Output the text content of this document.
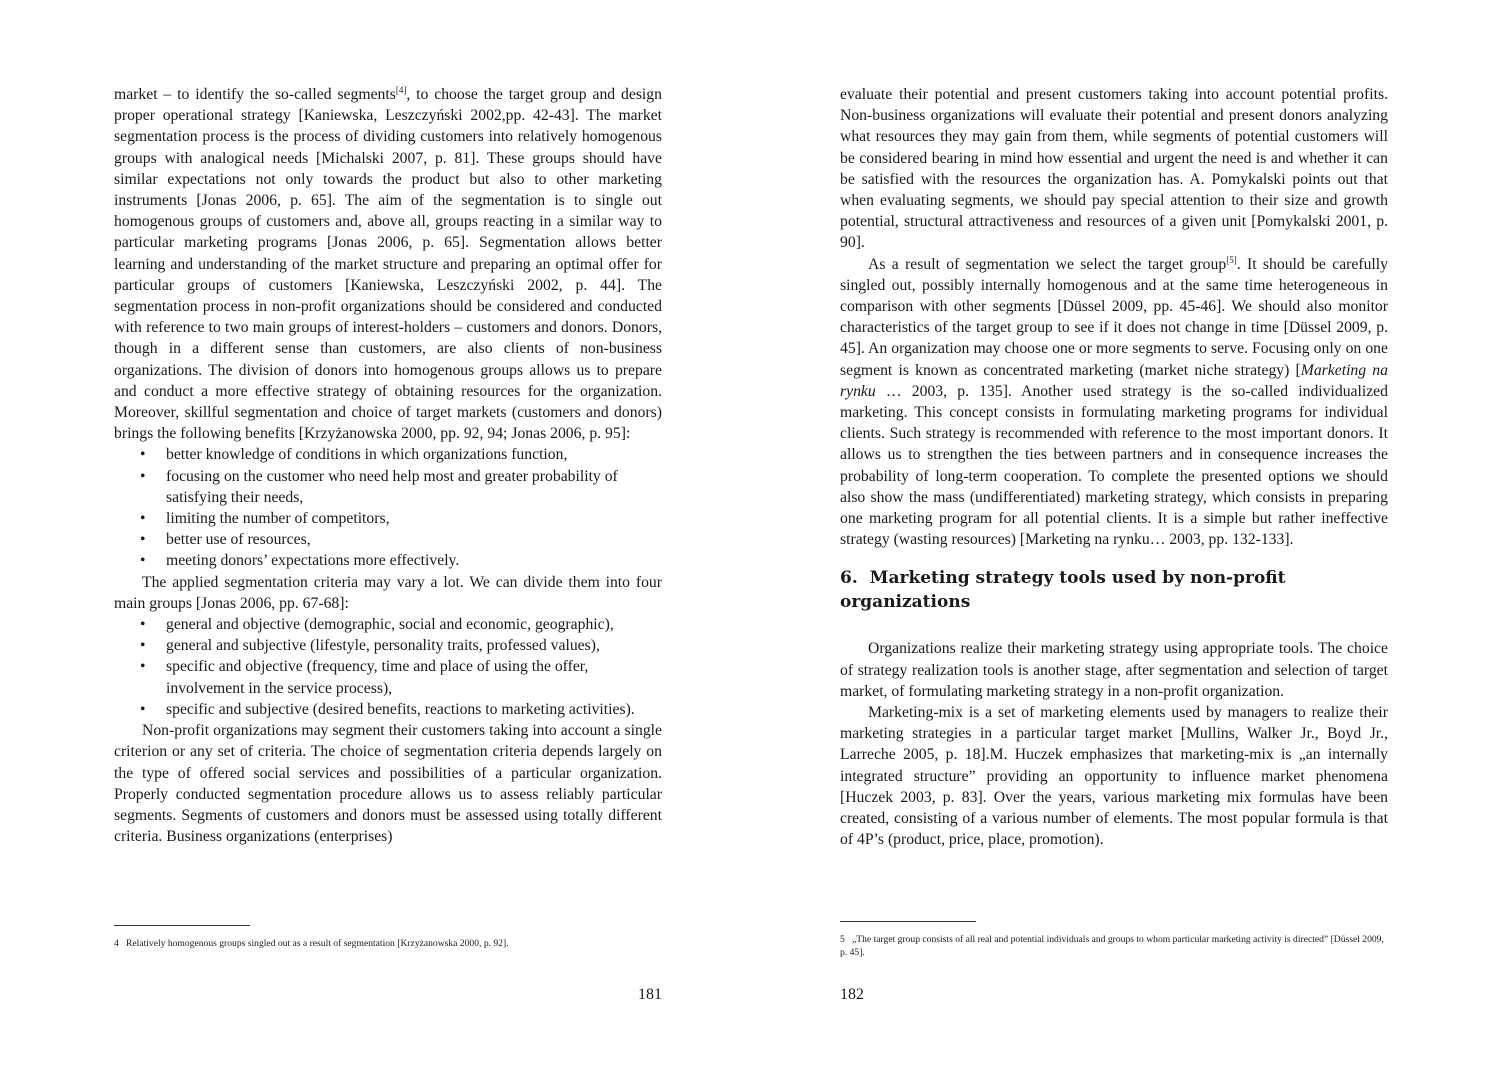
market – to identify the so-called segments[4], to choose the target group and design proper operational strategy [Kaniewska, Leszczyński 2002,pp. 42-43]. The market segmentation process is the process of dividing customers into relatively homogenous groups with analogical needs [Michalski 2007, p. 81]. These groups should have similar expectations not only towards the product but also to other marketing instruments [Jonas 2006, p. 65]. The aim of the segmentation is to single out homogenous groups of customers and, above all, groups reacting in a similar way to particular marketing programs [Jonas 2006, p. 65]. Segmentation allows better learning and understanding of the market structure and preparing an optimal offer for particular groups of customers [Kaniewska, Leszczyński 2002, p. 44]. The segmentation process in non-profit organizations should be considered and conducted with reference to two main groups of interest-holders – customers and donors. Donors, though in a different sense than customers, are also clients of non-business organizations. The division of donors into homogenous groups allows us to prepare and conduct a more effective strategy of obtaining resources for the organization. Moreover, skillful segmentation and choice of target markets (customers and donors) brings the following benefits [Krzyżanowska 2000, pp. 92, 94; Jonas 2006, p. 95]:

• better knowledge of conditions in which organizations function,
• focusing on the customer who need help most and greater probability of satisfying their needs,
• limiting the number of competitors,
• better use of resources,
• meeting donors’ expectations more effectively.

The applied segmentation criteria may vary a lot. We can divide them into four main groups [Jonas 2006, pp. 67-68]:

• general and objective (demographic, social and economic, geographic),
• general and subjective (lifestyle, personality traits, professed values),
• specific and objective (frequency, time and place of using the offer, involvement in the service process),
• specific and subjective (desired benefits, reactions to marketing activities).

Non-profit organizations may segment their customers taking into account a single criterion or any set of criteria. The choice of segmentation criteria depends largely on the type of offered social services and possibilities of a particular organization. Properly conducted segmentation procedure allows us to assess reliably particular segments. Segments of customers and donors must be assessed using totally different criteria. Business organizations (enterprises)

4 Relatively homogenous groups singled out as a result of segmentation [Krzyżanowska 2000, p. 92].
181

evaluate their potential and present customers taking into account potential profits. Non-business organizations will evaluate their potential and present donors analyzing what resources they may gain from them, while segments of potential customers will be considered bearing in mind how essential and urgent the need is and whether it can be satisfied with the resources the organization has. A. Pomykalski points out that when evaluating segments, we should pay special attention to their size and growth potential, structural attractiveness and resources of a given unit [Pomykalski 2001, p. 90].

As a result of segmentation we select the target group[5]. It should be carefully singled out, possibly internally homogenous and at the same time heterogeneous in comparison with other segments [Düssel 2009, pp. 45-46]. We should also monitor characteristics of the target group to see if it does not change in time [Düssel 2009, p. 45]. An organization may choose one or more segments to serve. Focusing only on one segment is known as concentrated marketing (market niche strategy) [Marketing na rynku … 2003, p. 135]. Another used strategy is the so-called individualized marketing. This concept consists in formulating marketing programs for individual clients. Such strategy is recommended with reference to the most important donors. It allows us to strengthen the ties between partners and in consequence increases the probability of long-term cooperation. To complete the presented options we should also show the mass (undifferentiated) marketing strategy, which consists in preparing one marketing program for all potential clients. It is a simple but rather ineffective strategy (wasting resources) [Marketing na rynku… 2003, pp. 132-133].

6. Marketing strategy tools used by non-profit organizations

Organizations realize their marketing strategy using appropriate tools. The choice of strategy realization tools is another stage, after segmentation and selection of target market, of formulating marketing strategy in a non-profit organization.

Marketing-mix is a set of marketing elements used by managers to realize their marketing strategies in a particular target market [Mullins, Walker Jr., Boyd Jr., Larreche 2005, p. 18].M. Huczek emphasizes that marketing-mix is „an internally integrated structure” providing an opportunity to influence market phenomena [Huczek 2003, p. 83]. Over the years, various marketing mix formulas have been created, consisting of a various number of elements. The most popular formula is that of 4P’s (product, price, place, promotion).

5 „The target group consists of all real and potential individuals and groups to whom particular marketing activity is directed” [Düssel 2009, p. 45].
182
